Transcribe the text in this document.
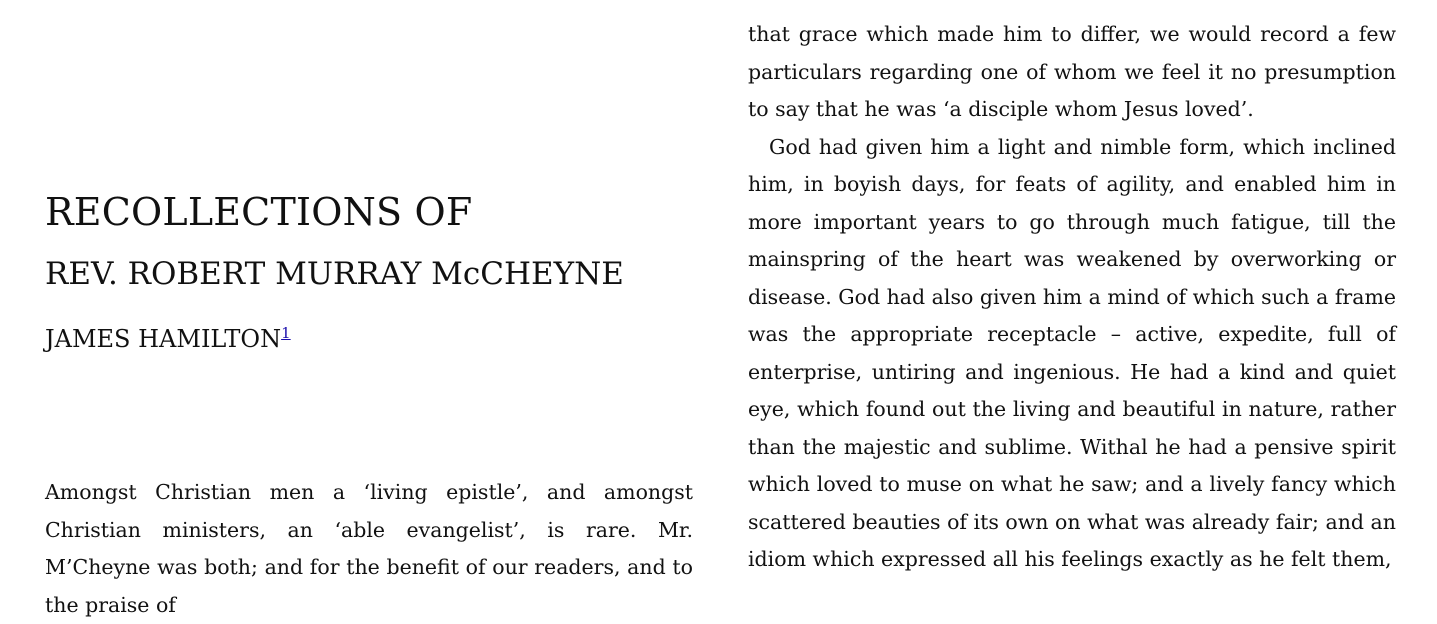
RECOLLECTIONS OF
REV. ROBERT MURRAY McCHEYNE
JAMES HAMILTON$^1$

Amongst Christian men a ‘living epistle’, and amongst Christian ministers, an ‘able evangelist’, is rare. Mr. M’Cheyne was both; and for the benefit of our readers, and to the praise of

that grace which made him to differ, we would record a few particulars regarding one of whom we feel it no presumption to say that he was ‘a disciple whom Jesus loved’.

God had given him a light and nimble form, which inclined him, in boyish days, for feats of agility, and enabled him in more important years to go through much fatigue, till the mainspring of the heart was weakened by overworking or disease. God had also given him a mind of which such a frame was the appropriate receptacle – active, expedite, full of enterprise, untiring and ingenious. He had a kind and quiet eye, which found out the living and beautiful in nature, rather than the majestic and sublime. Withal he had a pensive spirit which loved to muse on what he saw; and a lively fancy which scattered beauties of its own on what was already fair; and an idiom which expressed all his feelings exactly as he felt them,
